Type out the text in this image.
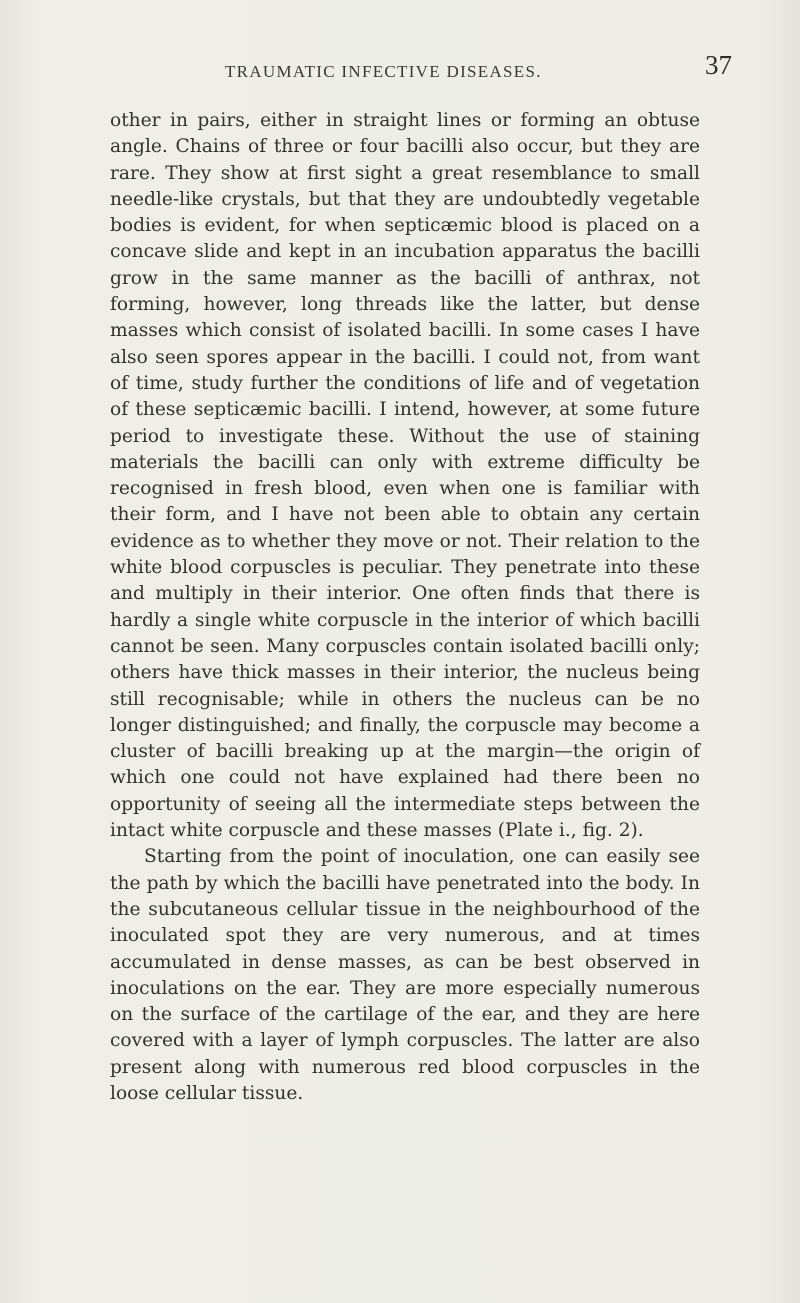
TRAUMATIC INFECTIVE DISEASES.	37

other in pairs, either in straight lines or forming an obtuse angle. Chains of three or four bacilli also occur, but they are rare. They show at first sight a great resemblance to small needle-like crystals, but that they are undoubtedly vegetable bodies is evident, for when septicæmic blood is placed on a concave slide and kept in an incubation apparatus the bacilli grow in the same manner as the bacilli of anthrax, not forming, however, long threads like the latter, but dense masses which consist of isolated bacilli. In some cases I have also seen spores appear in the bacilli. I could not, from want of time, study further the conditions of life and of vegetation of these septicæmic bacilli. I intend, however, at some future period to investigate these. Without the use of staining materials the bacilli can only with extreme difficulty be recognised in fresh blood, even when one is familiar with their form, and I have not been able to obtain any certain evidence as to whether they move or not. Their relation to the white blood corpuscles is peculiar. They penetrate into these and multiply in their interior. One often finds that there is hardly a single white corpuscle in the interior of which bacilli cannot be seen. Many corpuscles contain isolated bacilli only; others have thick masses in their interior, the nucleus being still recognisable; while in others the nucleus can be no longer distinguished; and finally, the corpuscle may become a cluster of bacilli breaking up at the margin—the origin of which one could not have explained had there been no opportunity of seeing all the intermediate steps between the intact white corpuscle and these masses (Plate i., fig. 2).

Starting from the point of inoculation, one can easily see the path by which the bacilli have penetrated into the body. In the subcutaneous cellular tissue in the neighbourhood of the inoculated spot they are very numerous, and at times accumulated in dense masses, as can be best observed in inoculations on the ear. They are more especially numerous on the surface of the cartilage of the ear, and they are here covered with a layer of lymph corpuscles. The latter are also present along with numerous red blood corpuscles in the loose cellular tissue.
